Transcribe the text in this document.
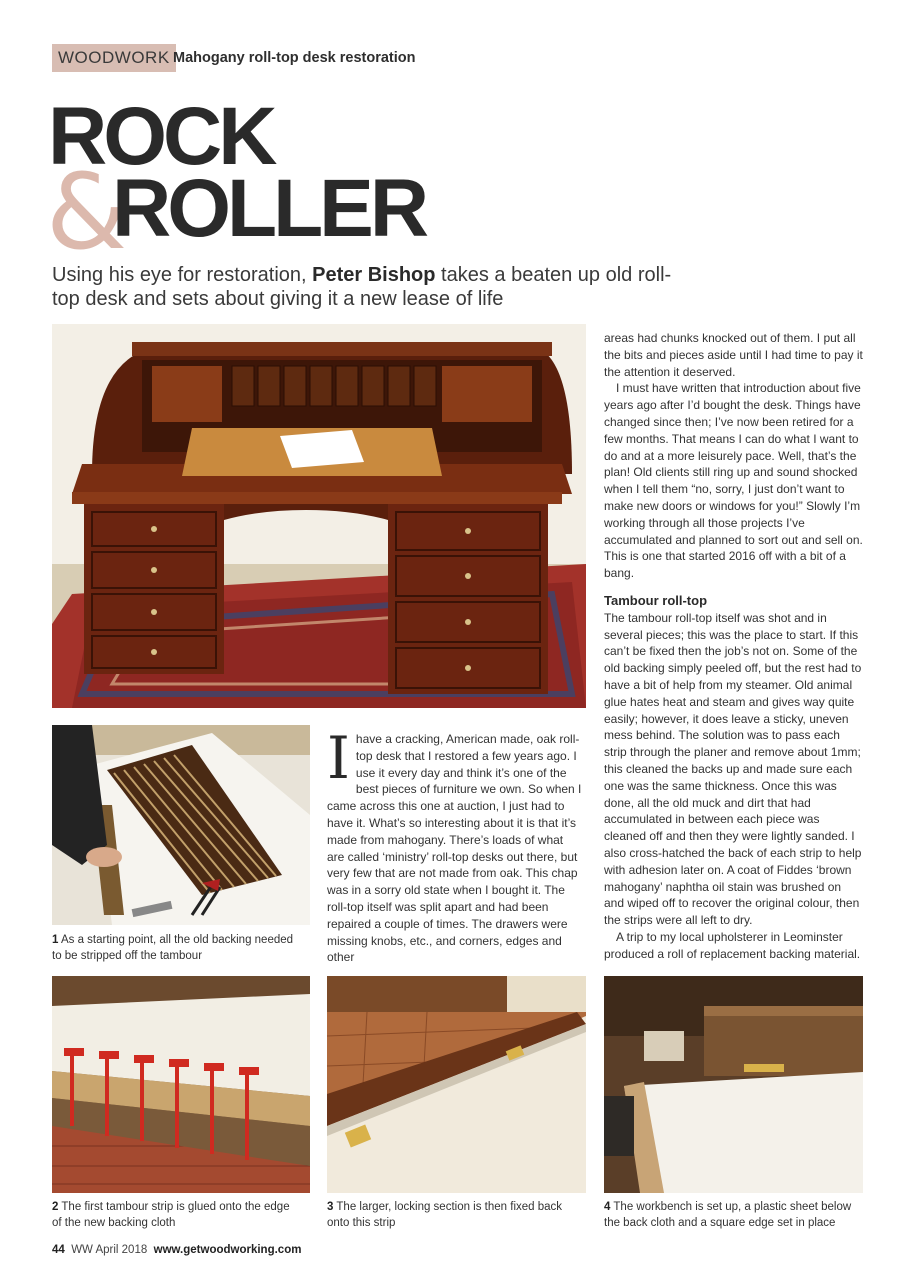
WOODWORK Mahogany roll-top desk restoration
&
ROCK
ROLLER
Using his eye for restoration, Peter Bishop takes a beaten up old roll-top desk and sets about giving it a new lease of life
1 As a starting point, all the old backing needed to be stripped off the tambour
Ihave a cracking, American made, oak roll-top desk that I restored a few years ago. I use it every day and think it’s one of the best pieces of furniture we own. So when I came across this one at auction, I just had to have it. What’s so interesting about it is that it’s made from mahogany. There’s loads of what are called ‘ministry’ roll-top desks out there, but very few that are not made from oak. This chap was in a sorry old state when I bought it. The roll-top itself was split apart and had been repaired a couple of times. The drawers were missing knobs, etc., and corners, edges and other

areas had chunks knocked out of them. I put all the bits and pieces aside until I had time to pay it the attention it deserved.

I must have written that introduction about five years ago after I’d bought the desk. Things have changed since then; I’ve now been retired for a few months. That means I can do what I want to do and at a more leisurely pace. Well, that’s the plan! Old clients still ring up and sound shocked when I tell them “no, sorry, I just don’t want to make new doors or windows for you!” Slowly I’m working through all those projects I’ve accumulated and planned to sort out and sell on. This is one that started 2016 off with a bit of a bang.

Tambour roll-top

The tambour roll-top itself was shot and in several pieces; this was the place to start. If this can’t be fixed then the job’s not on. Some of the old backing simply peeled off, but the rest had to have a bit of help from my steamer. Old animal glue hates heat and steam and gives way quite easily; however, it does leave a sticky, uneven mess behind. The solution was to pass each strip through the planer and remove about 1mm; this cleaned the backs up and made sure each one was the same thickness. Once this was done, all the old muck and dirt that had accumulated in between each piece was cleaned off and then they were lightly sanded. I also cross-hatched the back of each strip to help with adhesion later on. A coat of Fiddes ‘brown mahogany’ naphtha oil stain was brushed on and wiped off to recover the original colour, then the strips were all left to dry.

A trip to my local upholsterer in Leominster produced a roll of replacement backing material.

2 The first tambour strip is glued onto the edge of the new backing cloth
3 The larger, locking section is then fixed back onto this strip
4 The workbench is set up, a plastic sheet below the back cloth and a square edge set in place
44 WW April 2018 www.getwoodworking.com
